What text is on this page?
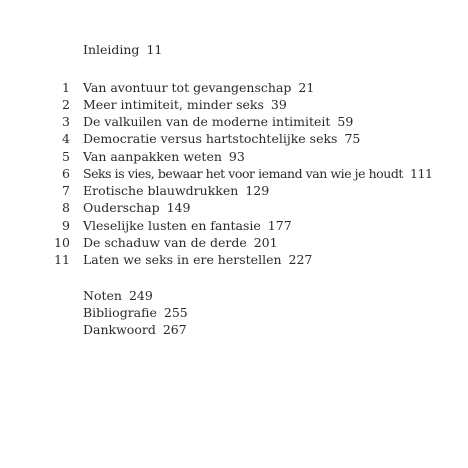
Inleiding 11
1 Van avontuur tot gevangenschap 21
2 Meer intimiteit, minder seks 39
3 De valkuilen van de moderne intimiteit 59
4 Democratie versus hartstochtelijke seks 75
5 Van aanpakken weten 93
6 Seks is vies, bewaar het voor iemand van wie je houdt 111
7 Erotische blauwdrukken 129
8 Ouderschap 149
9 Vleselijke lusten en fantasie 177
10 De schaduw van de derde 201
11 Laten we seks in ere herstellen 227
Noten 249
Bibliografie 255
Dankwoord 267
